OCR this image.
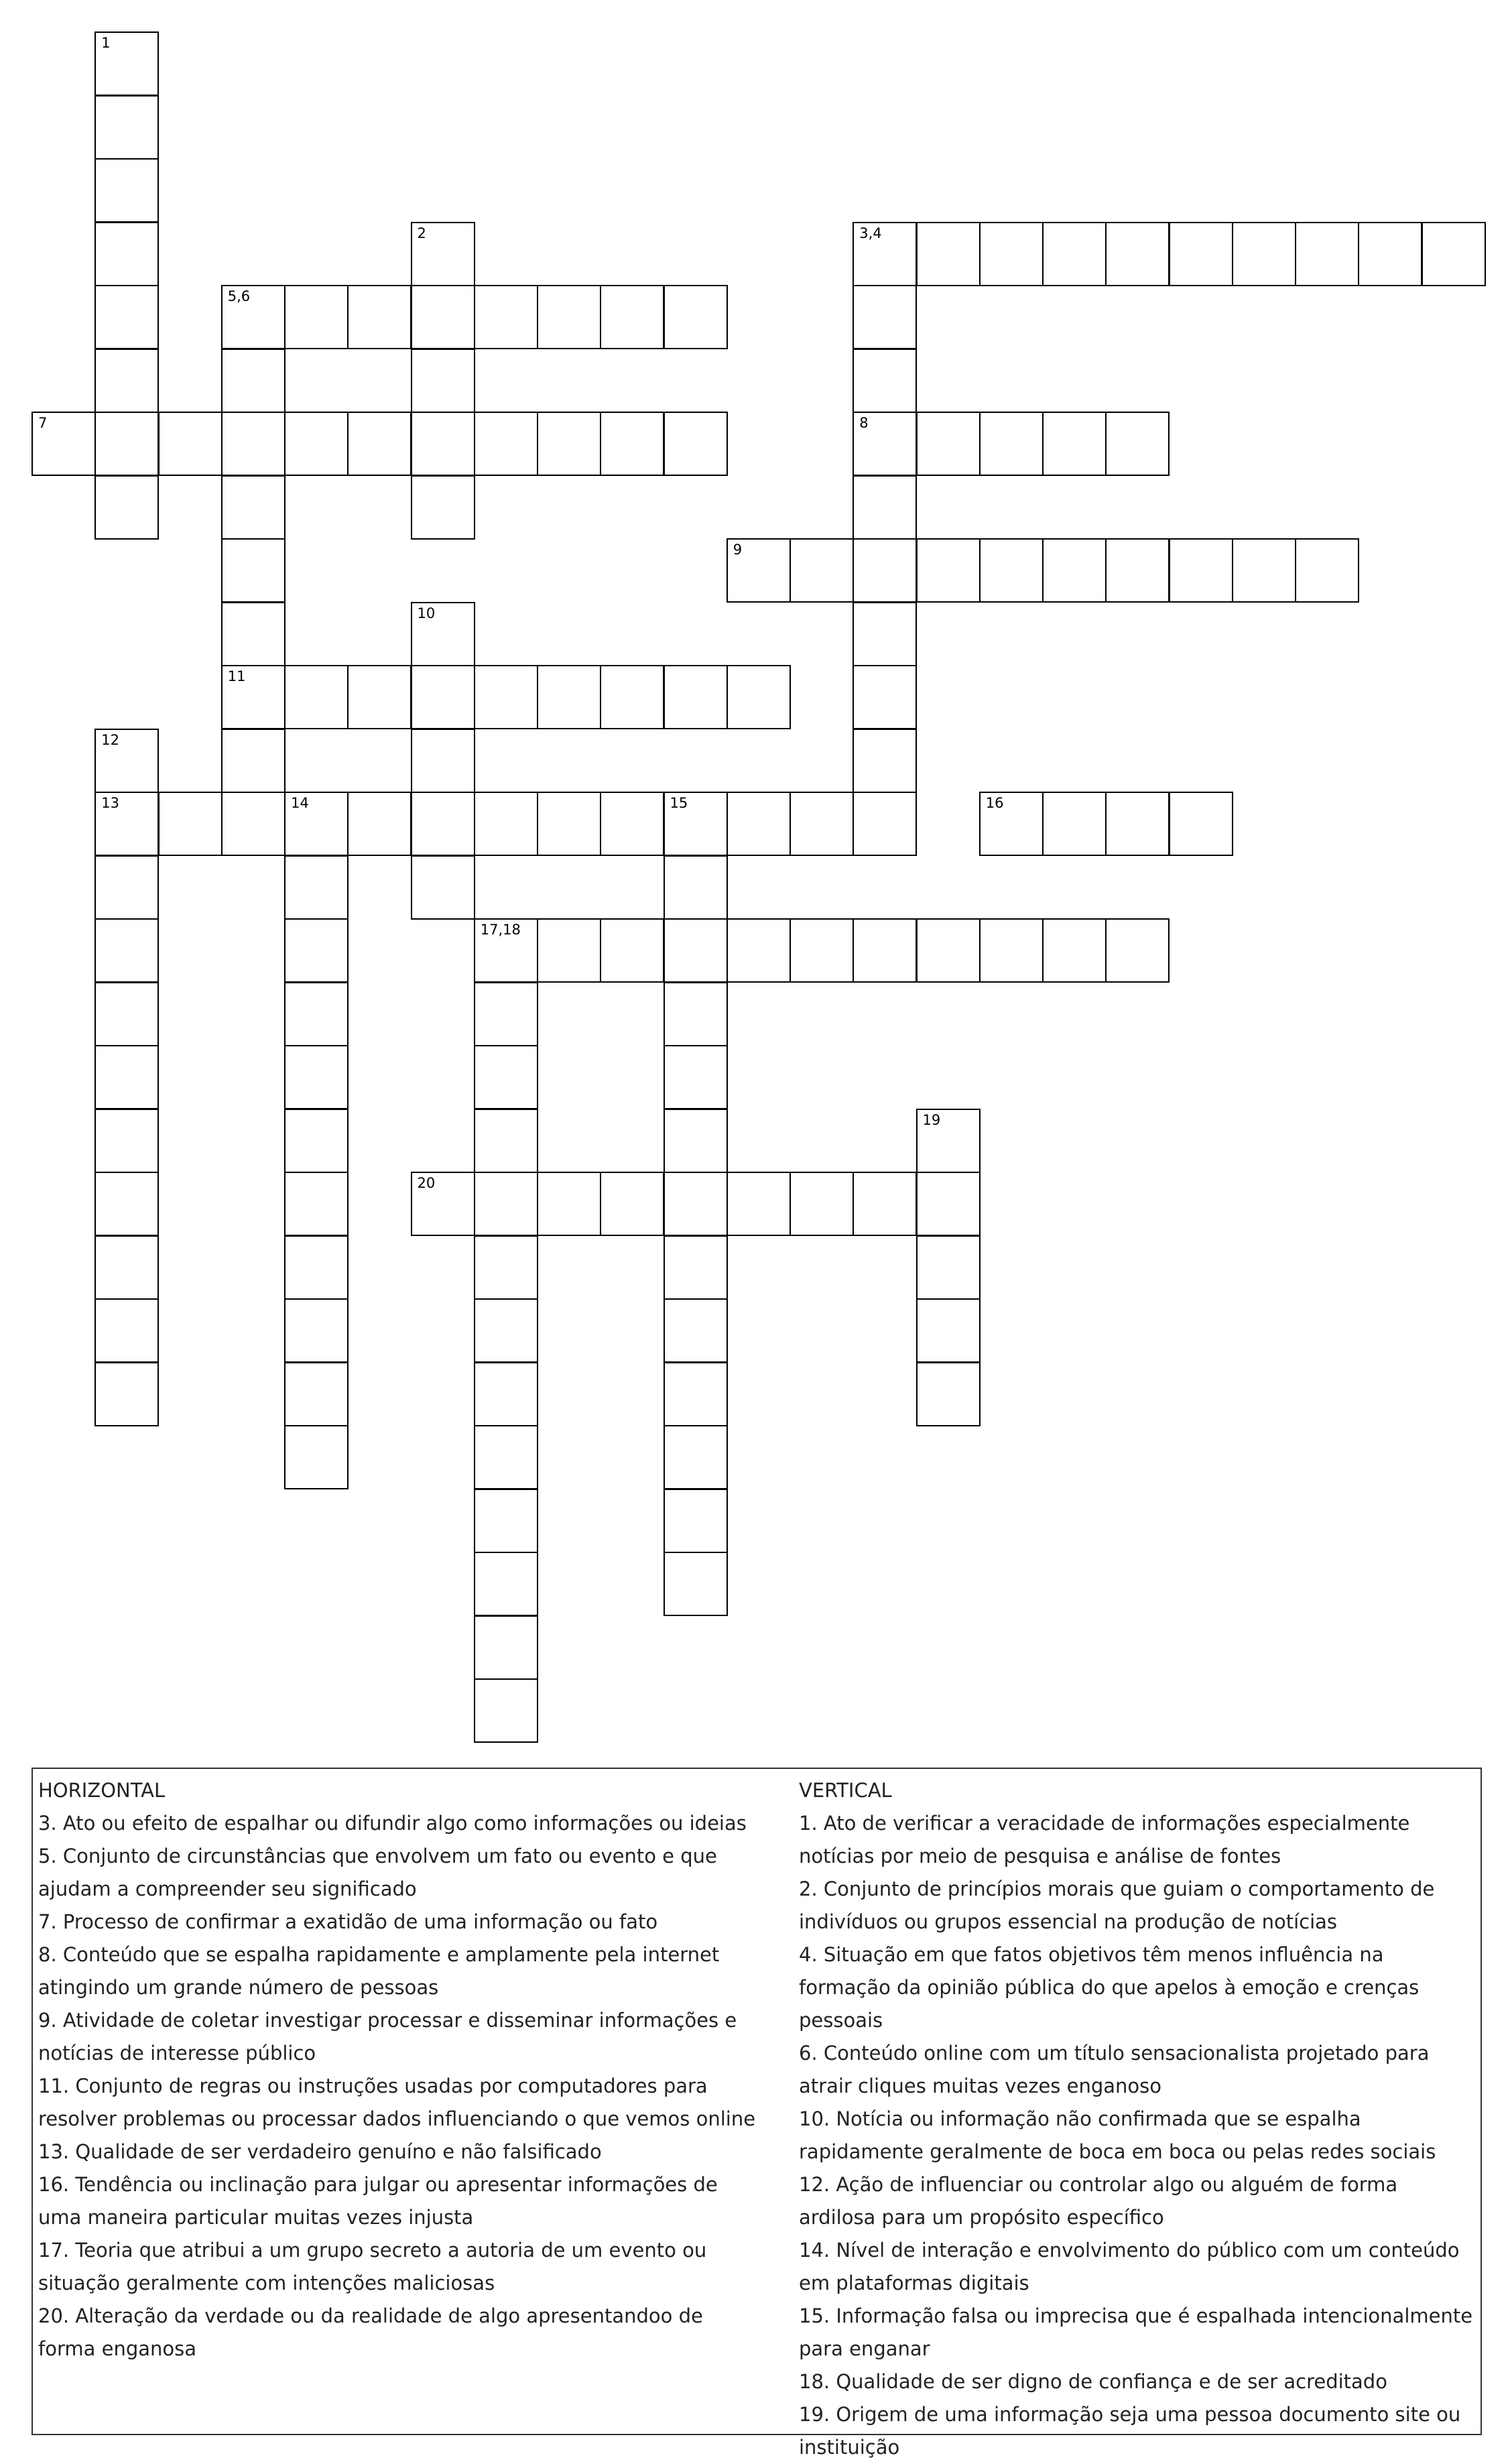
3,4
5,6
7	8
9
11
13	14	15	16
17,18
20
1
2
10
12
19
HORIZONTAL
3. Ato ou efeito de espalhar ou difundir algo como informações ou ideias
5. Conjunto de circunstâncias que envolvem um fato ou evento e que ajudam a compreender seu significado
7. Processo de confirmar a exatidão de uma informação ou fato
8. Conteúdo que se espalha rapidamente e amplamente pela internet atingindo um grande número de pessoas
9. Atividade de coletar investigar processar e disseminar informações e notícias de interesse público
11. Conjunto de regras ou instruções usadas por computadores para resolver problemas ou processar dados influenciando o que vemos online
13. Qualidade de ser verdadeiro genuíno e não falsificado
16. Tendência ou inclinação para julgar ou apresentar informações de uma maneira particular muitas vezes injusta
17. Teoria que atribui a um grupo secreto a autoria de um evento ou situação geralmente com intenções maliciosas
20. Alteração da verdade ou da realidade de algo apresentandoo de forma enganosa
VERTICAL
1. Ato de verificar a veracidade de informações especialmente notícias por meio de pesquisa e análise de fontes
2. Conjunto de princípios morais que guiam o comportamento de indivíduos ou grupos essencial na produção de notícias
4. Situação em que fatos objetivos têm menos influência na formação da opinião pública do que apelos à emoção e crenças pessoais
6. Conteúdo online com um título sensacionalista projetado para atrair cliques muitas vezes enganoso
10. Notícia ou informação não confirmada que se espalha rapidamente geralmente de boca em boca ou pelas redes sociais
12. Ação de influenciar ou controlar algo ou alguém de forma ardilosa para um propósito específico
14. Nível de interação e envolvimento do público com um conteúdo em plataformas digitais
15. Informação falsa ou imprecisa que é espalhada intencionalmente para enganar
18. Qualidade de ser digno de confiança e de ser acreditado
19. Origem de uma informação seja uma pessoa documento site ou instituição
